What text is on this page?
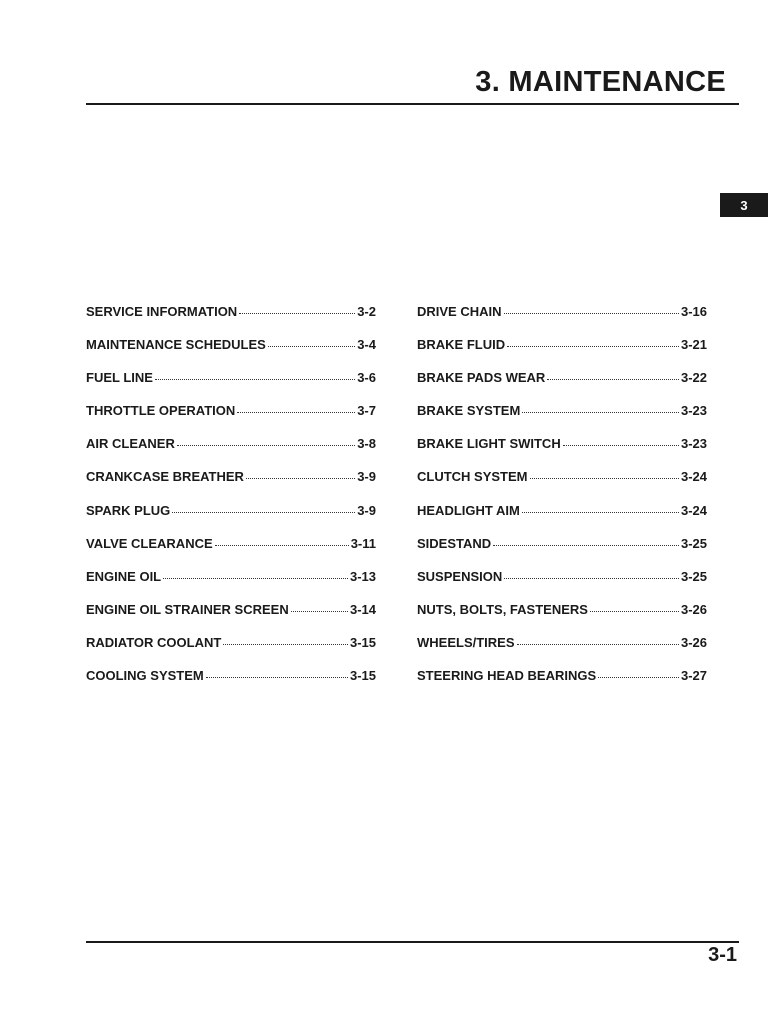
3. MAINTENANCE
3
SERVICE INFORMATION	3-2
MAINTENANCE SCHEDULES	3-4
FUEL LINE	3-6
THROTTLE OPERATION	3-7
AIR CLEANER	3-8
CRANKCASE BREATHER	3-9
SPARK PLUG	3-9
VALVE CLEARANCE	3-11
ENGINE OIL	3-13
ENGINE OIL STRAINER SCREEN	3-14
RADIATOR COOLANT	3-15
COOLING SYSTEM	3-15
DRIVE CHAIN	3-16
BRAKE FLUID	3-21
BRAKE PADS WEAR	3-22
BRAKE SYSTEM	3-23
BRAKE LIGHT SWITCH	3-23
CLUTCH SYSTEM	3-24
HEADLIGHT AIM	3-24
SIDESTAND	3-25
SUSPENSION	3-25
NUTS, BOLTS, FASTENERS	3-26
WHEELS/TIRES	3-26
STEERING HEAD BEARINGS	3-27
3-1
